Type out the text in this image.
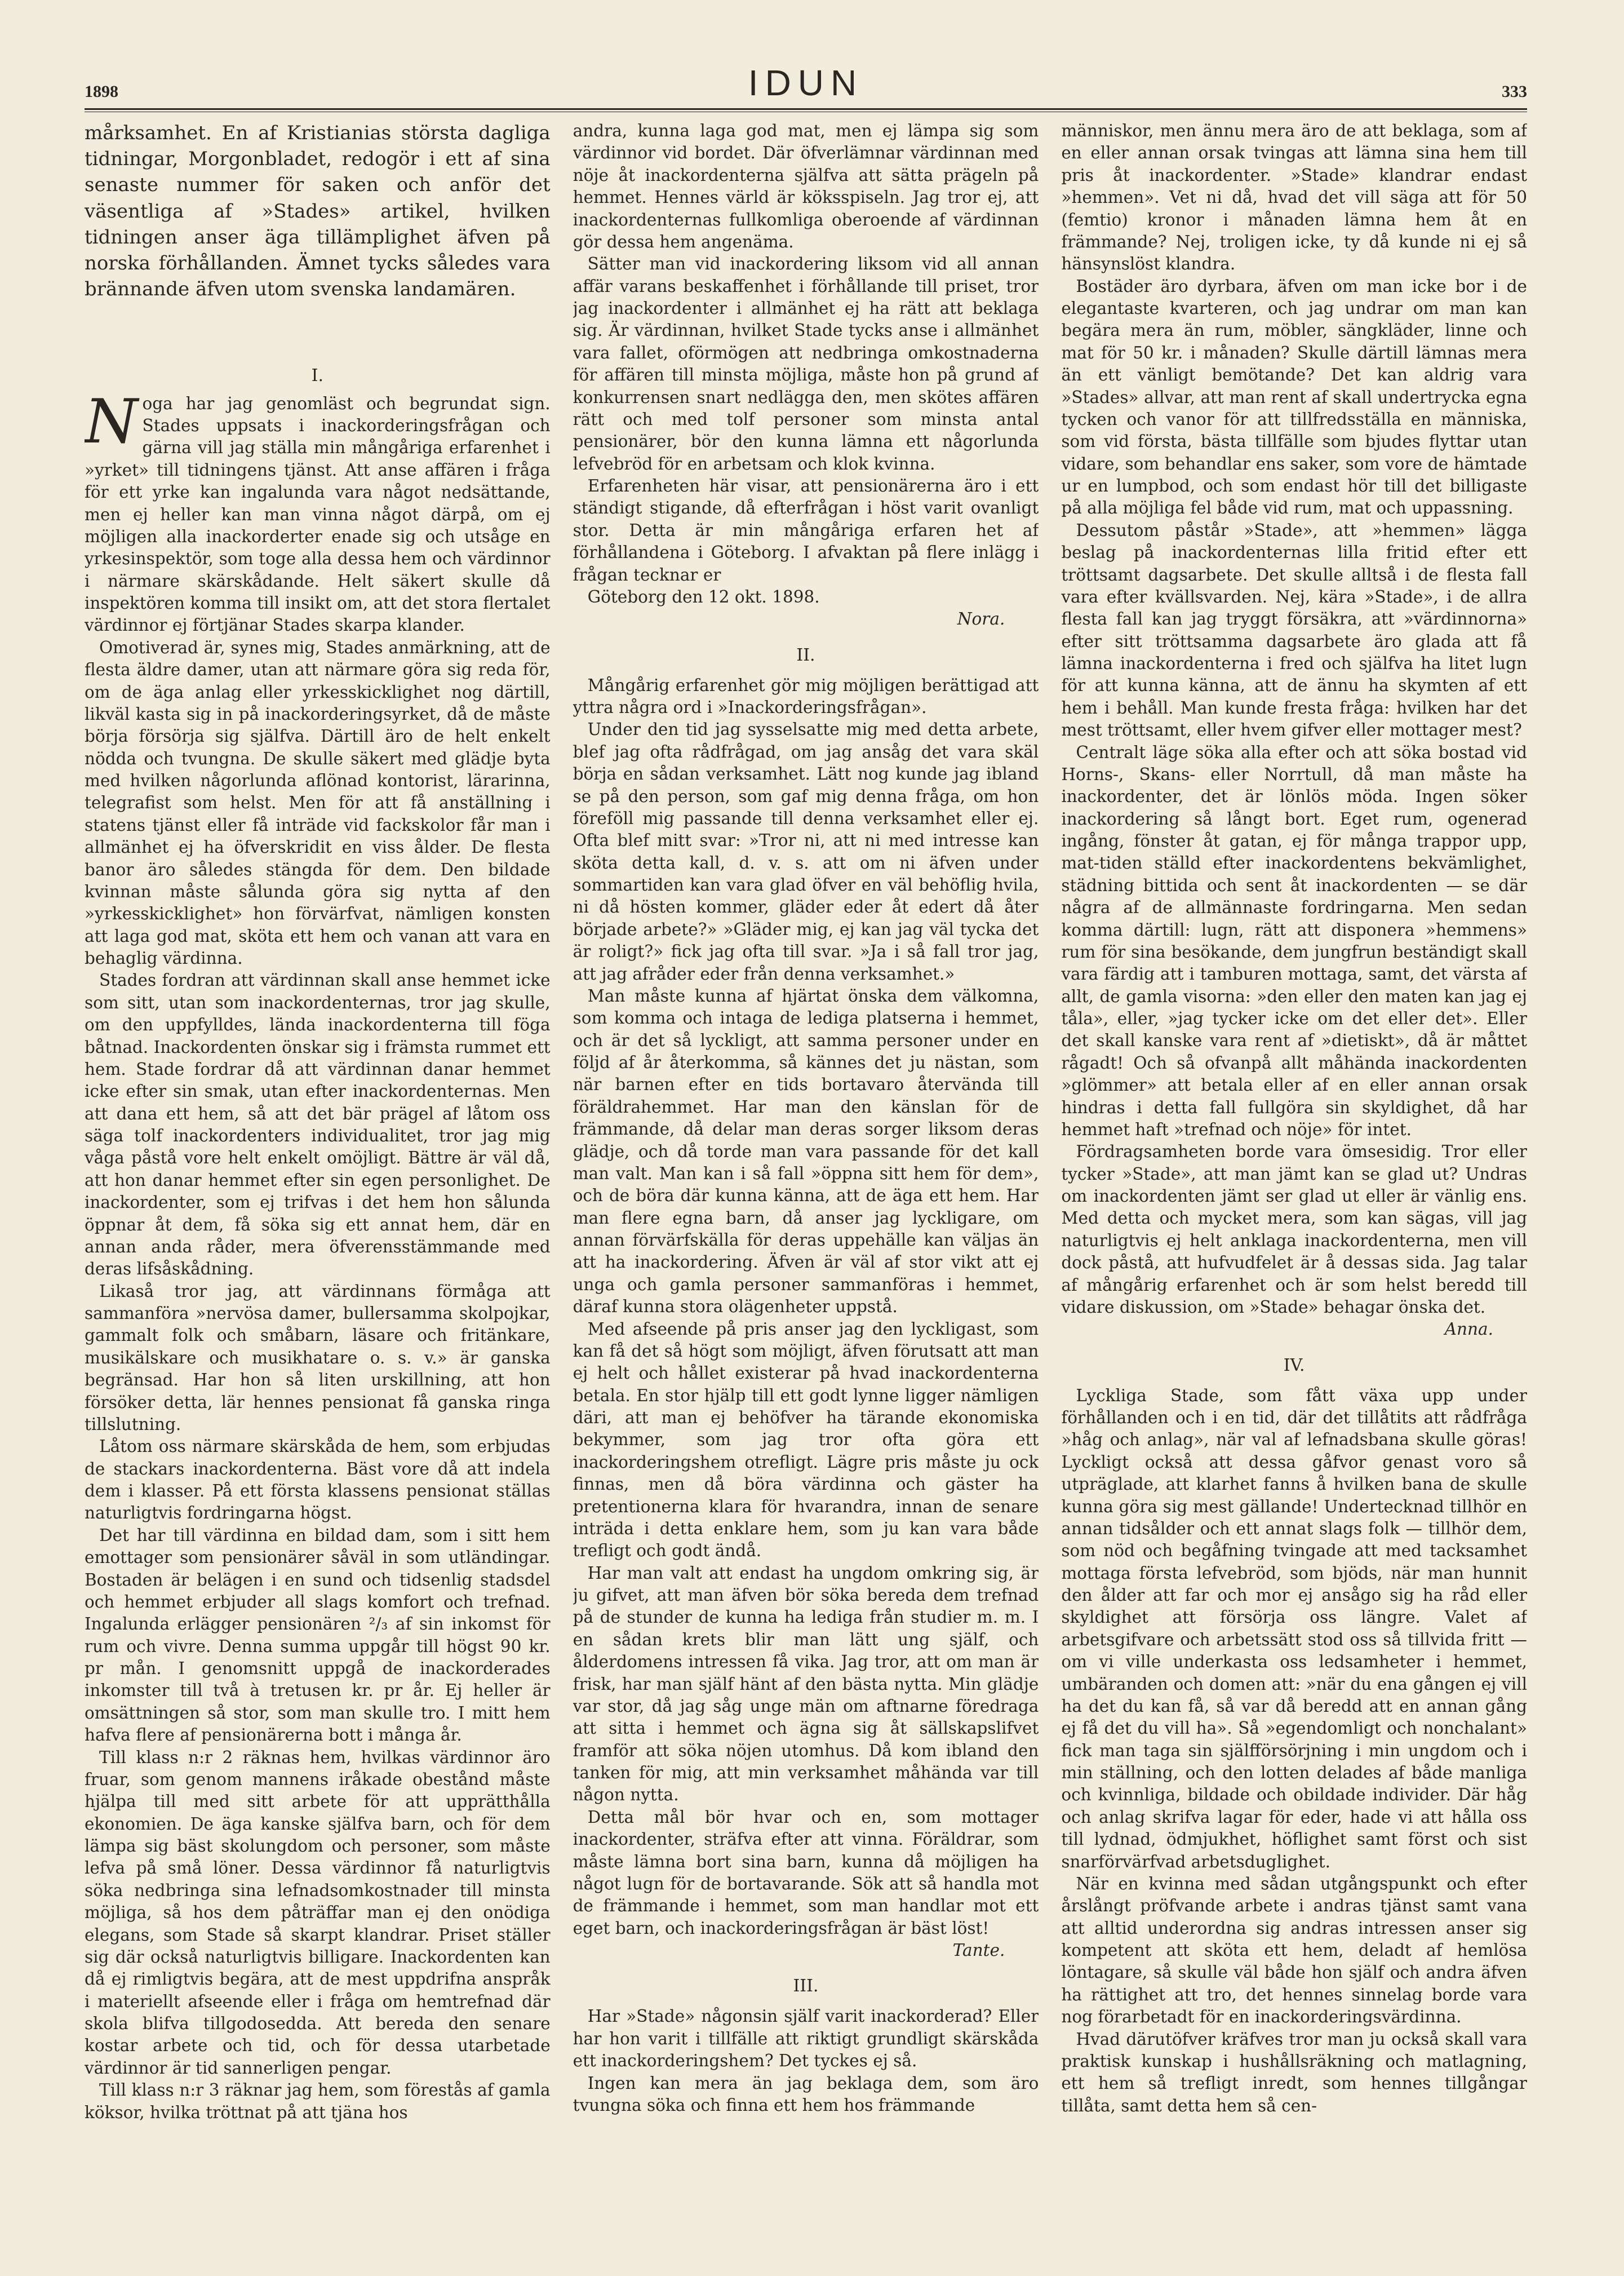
1898	IDUN	333

mårksamhet. En af Kristianias största dagliga tidningar, Morgonbladet, redogör i ett af sina senaste nummer för saken och anför det väsentliga af »Stades» artikel, hvilken tidningen anser äga tillämplighet äfven på norska förhållanden. Ämnet tycks således vara brännande äfven utom svenska landamären.

I.

Noga har jag genomläst och begrundat sign. Stades uppsats i inackorderingsfrågan och gärna vill jag ställa min mångåriga erfarenhet i »yrket» till tidningens tjänst. Att anse affären i fråga för ett yrke kan ingalunda vara något nedsättande, men ej heller kan man vinna något därpå, om ej möjligen alla inackorderter enade sig och utsåge en yrkesinspektör, som toge alla dessa hem och värdinnor i närmare skärskådande. Helt säkert skulle då inspektören komma till insikt om, att det stora flertalet värdinnor ej förtjänar Stades skarpa klander.

Omotiverad är, synes mig, Stades anmärkning, att de flesta äldre damer, utan att närmare göra sig reda för, om de äga anlag eller yrkesskicklighet nog därtill, likväl kasta sig in på inackorderingsyrket, då de måste börja försörja sig själfva. Därtill äro de helt enkelt nödda och tvungna. De skulle säkert med glädje byta med hvilken någorlunda aflönad kontorist, lärarinna, telegrafist som helst. Men för att få anställning i statens tjänst eller få inträde vid fackskolor får man i allmänhet ej ha öfverskridit en viss ålder. De flesta banor äro således stängda för dem. Den bildade kvinnan måste sålunda göra sig nytta af den »yrkesskicklighet» hon förvärfvat, nämligen konsten att laga god mat, sköta ett hem och vanan att vara en behaglig värdinna.

Stades fordran att värdinnan skall anse hemmet icke som sitt, utan som inackordenternas, tror jag skulle, om den uppfylldes, lända inackordenterna till föga båtnad. Inackordenten önskar sig i främsta rummet ett hem. Stade fordrar då att värdinnan danar hemmet icke efter sin smak, utan efter inackordenternas. Men att dana ett hem, så att det bär prägel af låtom oss säga tolf inackordenters individualitet, tror jag mig våga påstå vore helt enkelt omöjligt. Bättre är väl då, att hon danar hemmet efter sin egen personlighet. De inackordenter, som ej trifvas i det hem hon sålunda öppnar åt dem, få söka sig ett annat hem, där en annan anda råder, mera öfverensstämmande med deras lifsåskådning.

Likaså tror jag, att värdinnans förmåga att sammanföra »nervösa damer, bullersamma skolpojkar, gammalt folk och småbarn, läsare och fritänkare, musikälskare och musikhatare o. s. v.» är ganska begränsad. Har hon så liten urskillning, att hon försöker detta, lär hennes pensionat få ganska ringa tillslutning.

Låtom oss närmare skärskåda de hem, som erbjudas de stackars inackordenterna. Bäst vore då att indela dem i klasser. På ett första klassens pensionat ställas naturligtvis fordringarna högst.

Det har till värdinna en bildad dam, som i sitt hem emottager som pensionärer såväl in som utländingar. Bostaden är belägen i en sund och tidsenlig stadsdel och hemmet erbjuder all slags komfort och trefnad. Ingalunda erlägger pensionären ²/₃ af sin inkomst för rum och vivre. Denna summa uppgår till högst 90 kr. pr mån. I genomsnitt uppgå de inackorderades inkomster till två à tretusen kr. pr år. Ej heller är omsättningen så stor, som man skulle tro. I mitt hem hafva flere af pensionärerna bott i många år.

Till klass n:r 2 räknas hem, hvilkas värdinnor äro fruar, som genom mannens iråkade obestånd måste hjälpa till med sitt arbete för att upprätthålla ekonomien. De äga kanske själfva barn, och för dem lämpa sig bäst skolungdom och personer, som måste lefva på små löner. Dessa värdinnor få naturligtvis söka nedbringa sina lefnadsomkostnader till minsta möjliga, så hos dem påträffar man ej den onödiga elegans, som Stade så skarpt klandrar. Priset ställer sig där också naturligtvis billigare. Inackordenten kan då ej rimligtvis begära, att de mest uppdrifna anspråk i materiellt afseende eller i fråga om hemtrefnad där skola blifva tillgodosedda. Att bereda den senare kostar arbete och tid, och för dessa utarbetade värdinnor är tid sannerligen pengar.

Till klass n:r 3 räknar jag hem, som förestås af gamla köksor, hvilka tröttnat på att tjäna hos

andra, kunna laga god mat, men ej lämpa sig som värdinnor vid bordet. Där öfverlämnar värdinnan med nöje åt inackordenterna själfva att sätta prägeln på hemmet. Hennes värld är köksspiseln. Jag tror ej, att inackordenternas fullkomliga oberoende af värdinnan gör dessa hem angenäma.

Sätter man vid inackordering liksom vid all annan affär varans beskaffenhet i förhållande till priset, tror jag inackordenter i allmänhet ej ha rätt att beklaga sig. Är värdinnan, hvilket Stade tycks anse i allmänhet vara fallet, oförmögen att nedbringa omkostnaderna för affären till minsta möjliga, måste hon på grund af konkurrensen snart nedlägga den, men skötes affären rätt och med tolf personer som minsta antal pensionärer, bör den kunna lämna ett någorlunda lefvebröd för en arbetsam och klok kvinna.

Erfarenheten här visar, att pensionärerna äro i ett ständigt stigande, då efterfrågan i höst varit ovanligt stor. Detta är min mångåriga erfaren het af förhållandena i Göteborg. I afvaktan på flere inlägg i frågan tecknar er

Göteborg den 12 okt. 1898.

Nora.
II.

Mångårig erfarenhet gör mig möjligen berättigad att yttra några ord i »Inackorderingsfrågan».

Under den tid jag sysselsatte mig med detta arbete, blef jag ofta rådfrågad, om jag ansåg det vara skäl börja en sådan verksamhet. Lätt nog kunde jag ibland se på den person, som gaf mig denna fråga, om hon föreföll mig passande till denna verksamhet eller ej. Ofta blef mitt svar: »Tror ni, att ni med intresse kan sköta detta kall, d. v. s. att om ni äfven under sommartiden kan vara glad öfver en väl behöflig hvila, ni då hösten kommer, gläder eder åt edert då åter började arbete?» »Gläder mig, ej kan jag väl tycka det är roligt?» fick jag ofta till svar. »Ja i så fall tror jag, att jag afråder eder från denna verksamhet.»

Man måste kunna af hjärtat önska dem välkomna, som komma och intaga de lediga platserna i hemmet, och är det så lyckligt, att samma personer under en följd af år återkomma, så kännes det ju nästan, som när barnen efter en tids bortavaro återvända till föräldrahemmet. Har man den känslan för de främmande, då delar man deras sorger liksom deras glädje, och då torde man vara passande för det kall man valt. Man kan i så fall »öppna sitt hem för dem», och de böra där kunna känna, att de äga ett hem. Har man flere egna barn, då anser jag lyckligare, om annan förvärfskälla för deras uppehälle kan väljas än att ha inackordering. Äfven är väl af stor vikt att ej unga och gamla personer sammanföras i hemmet, däraf kunna stora olägenheter uppstå.

Med afseende på pris anser jag den lyckligast, som kan få det så högt som möjligt, äfven förutsatt att man ej helt och hållet existerar på hvad inackordenterna betala. En stor hjälp till ett godt lynne ligger nämligen däri, att man ej behöfver ha tärande ekonomiska bekymmer, som jag tror ofta göra ett inackorderingshem otrefligt. Lägre pris måste ju ock finnas, men då böra värdinna och gäster ha pretentionerna klara för hvarandra, innan de senare inträda i detta enklare hem, som ju kan vara både trefligt och godt ändå.

Har man valt att endast ha ungdom omkring sig, är ju gifvet, att man äfven bör söka bereda dem trefnad på de stunder de kunna ha lediga från studier m. m. I en sådan krets blir man lätt ung själf, och ålderdomens intressen få vika. Jag tror, att om man är frisk, har man själf hänt af den bästa nytta. Min glädje var stor, då jag såg unge män om aftnarne föredraga att sitta i hemmet och ägna sig åt sällskapslifvet framför att söka nöjen utomhus. Då kom ibland den tanken för mig, att min verksamhet måhända var till någon nytta.

Detta mål bör hvar och en, som mottager inackordenter, sträfva efter att vinna. Föräldrar, som måste lämna bort sina barn, kunna då möjligen ha något lugn för de bortavarande. Sök att så handla mot de främmande i hemmet, som man handlar mot ett eget barn, och inackorderingsfrågan är bäst löst!

Tante.
III.

Har »Stade» någonsin själf varit inackorderad? Eller har hon varit i tillfälle att riktigt grundligt skärskåda ett inackorderingshem? Det tyckes ej så.

Ingen kan mera än jag beklaga dem, som äro tvungna söka och finna ett hem hos främmande

människor, men ännu mera äro de att beklaga, som af en eller annan orsak tvingas att lämna sina hem till pris åt inackordenter. »Stade» klandrar endast »hemmen». Vet ni då, hvad det vill säga att för 50 (femtio) kronor i månaden lämna hem åt en främmande? Nej, troligen icke, ty då kunde ni ej så hänsynslöst klandra.

Bostäder äro dyrbara, äfven om man icke bor i de elegantaste kvarteren, och jag undrar om man kan begära mera än rum, möbler, sängkläder, linne och mat för 50 kr. i månaden? Skulle därtill lämnas mera än ett vänligt bemötande? Det kan aldrig vara »Stades» allvar, att man rent af skall undertrycka egna tycken och vanor för att tillfredsställa en människa, som vid första, bästa tillfälle som bjudes flyttar utan vidare, som behandlar ens saker, som vore de hämtade ur en lumpbod, och som endast hör till det billigaste på alla möjliga fel både vid rum, mat och uppassning.

Dessutom påstår »Stade», att »hemmen» lägga beslag på inackordenternas lilla fritid efter ett tröttsamt dagsarbete. Det skulle alltså i de flesta fall vara efter kvällsvarden. Nej, kära »Stade», i de allra flesta fall kan jag tryggt försäkra, att »värdinnorna» efter sitt tröttsamma dagsarbete äro glada att få lämna inackordenterna i fred och själfva ha litet lugn för att kunna känna, att de ännu ha skymten af ett hem i behåll. Man kunde fresta fråga: hvilken har det mest tröttsamt, eller hvem gifver eller mottager mest?

Centralt läge söka alla efter och att söka bostad vid Horns-, Skans- eller Norrtull, då man måste ha inackordenter, det är lönlös möda. Ingen söker inackordering så långt bort. Eget rum, ogenerad ingång, fönster åt gatan, ej för många trappor upp, mat-tiden ställd efter inackordentens bekvämlighet, städning bittida och sent åt inackordenten — se där några af de allmännaste fordringarna. Men sedan komma därtill: lugn, rätt att disponera »hemmens» rum för sina besökande, dem jungfrun beständigt skall vara färdig att i tamburen mottaga, samt, det värsta af allt, de gamla visorna: »den eller den maten kan jag ej tåla», eller, »jag tycker icke om det eller det». Eller det skall kanske vara rent af »dietiskt», då är måttet rågadt! Och så ofvanpå allt måhända inackordenten »glömmer» att betala eller af en eller annan orsak hindras i detta fall fullgöra sin skyldighet, då har hemmet haft »trefnad och nöje» för intet.

Fördragsamheten borde vara ömsesidig. Tror eller tycker »Stade», att man jämt kan se glad ut? Undras om inackordenten jämt ser glad ut eller är vänlig ens. Med detta och mycket mera, som kan sägas, vill jag naturligtvis ej helt anklaga inackordenterna, men vill dock påstå, att hufvudfelet är å dessas sida. Jag talar af mångårig erfarenhet och är som helst beredd till vidare diskussion, om »Stade» behagar önska det.

Anna.
IV.

Lyckliga Stade, som fått växa upp under förhållanden och i en tid, där det tillåtits att rådfråga »håg och anlag», när val af lefnadsbana skulle göras! Lyckligt också att dessa gåfvor genast voro så utpräglade, att klarhet fanns å hvilken bana de skulle kunna göra sig mest gällande! Undertecknad tillhör en annan tidsålder och ett annat slags folk — tillhör dem, som nöd och begåfning tvingade att med tacksamhet mottaga första lefvebröd, som bjöds, när man hunnit den ålder att far och mor ej ansågo sig ha råd eller skyldighet att försörja oss längre. Valet af arbetsgifvare och arbetssätt stod oss så tillvida fritt — om vi ville underkasta oss ledsamheter i hemmet, umbäranden och domen att: »när du ena gången ej vill ha det du kan få, så var då beredd att en annan gång ej få det du vill ha». Så »egendomligt och nonchalant» fick man taga sin själfförsörjning i min ungdom och i min ställning, och den lotten delades af både manliga och kvinnliga, bildade och obildade individer. Där håg och anlag skrifva lagar för eder, hade vi att hålla oss till lydnad, ödmjukhet, höflighet samt först och sist snarförvärfvad arbetsduglighet.

När en kvinna med sådan utgångspunkt och efter årslångt pröfvande arbete i andras tjänst samt vana att alltid underordna sig andras intressen anser sig kompetent att sköta ett hem, deladt af hemlösa löntagare, så skulle väl både hon själf och andra äfven ha rättighet att tro, det hennes sinnelag borde vara nog förarbetadt för en inackorderingsvärdinna.

Hvad därutöfver kräfves tror man ju också skall vara praktisk kunskap i hushållsräkning och matlagning, ett hem så trefligt inredt, som hennes tillgångar tillåta, samt detta hem så cen-
